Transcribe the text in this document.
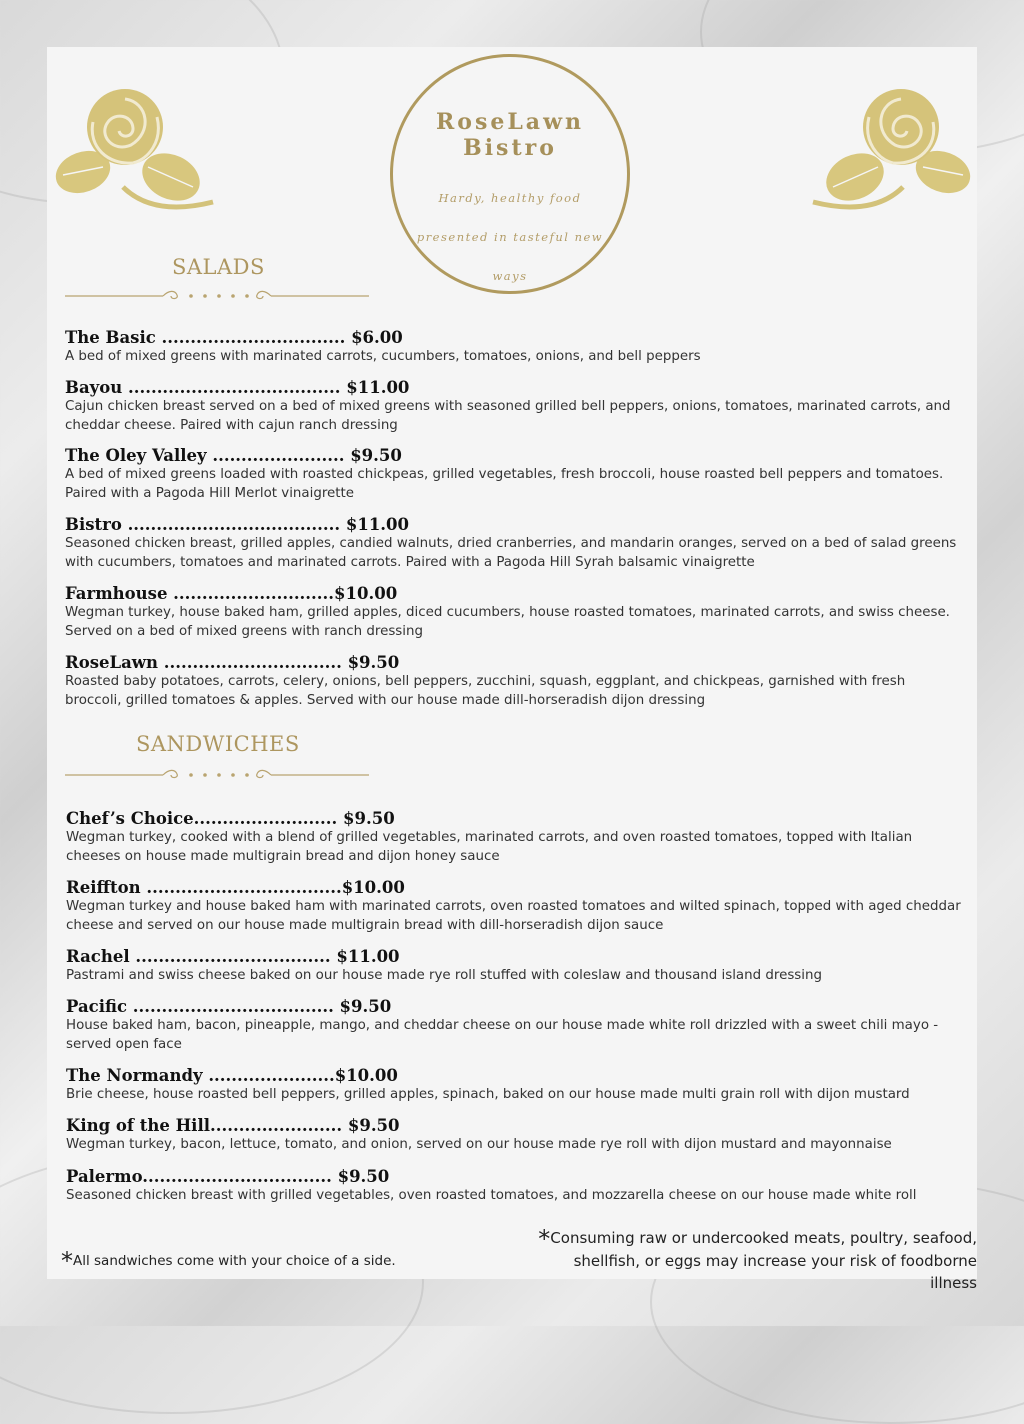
RoseLawn
Bistro
Hardy, healthy food presented in tasteful new ways
SALADS
The Basic ................................ $6.00
A bed of mixed greens with marinated carrots, cucumbers, tomatoes, onions, and bell peppers
Bayou ..................................... $11.00
Cajun chicken breast served on a bed of mixed greens with seasoned grilled bell peppers, onions, tomatoes, marinated carrots, and cheddar cheese. Paired with cajun ranch dressing
The Oley Valley ....................... $9.50
A bed of mixed greens loaded with roasted chickpeas, grilled vegetables, fresh broccoli, house roasted bell peppers and tomatoes. Paired with a Pagoda Hill Merlot vinaigrette
Bistro ..................................... $11.00
Seasoned chicken breast, grilled apples, candied walnuts, dried cranberries, and mandarin oranges, served on a bed of salad greens with cucumbers, tomatoes and marinated carrots. Paired with a Pagoda Hill Syrah balsamic vinaigrette
Farmhouse ............................$10.00
Wegman turkey, house baked ham, grilled apples, diced cucumbers, house roasted tomatoes, marinated carrots, and swiss cheese. Served on a bed of mixed greens with ranch dressing
RoseLawn ............................... $9.50
Roasted baby potatoes, carrots, celery, onions, bell peppers, zucchini, squash, eggplant, and chickpeas, garnished with fresh broccoli, grilled tomatoes & apples. Served with our house made dill-horseradish dijon dressing
SANDWICHES
Chef’s Choice......................... $9.50
Wegman turkey, cooked with a blend of grilled vegetables, marinated carrots, and oven roasted tomatoes, topped with Italian cheeses on house made multigrain bread and dijon honey sauce
Reiffton ..................................$10.00
Wegman turkey and house baked ham with marinated carrots, oven roasted tomatoes and wilted spinach, topped with aged cheddar cheese and served on our house made multigrain bread with dill-horseradish dijon sauce
Rachel .................................. $11.00
Pastrami and swiss cheese baked on our house made rye roll stuffed with coleslaw and thousand island dressing
Pacific ................................... $9.50
House baked ham, bacon, pineapple, mango, and cheddar cheese on our house made white roll drizzled with a sweet chili mayo - served open face
The Normandy ......................$10.00
Brie cheese, house roasted bell peppers, grilled apples, spinach, baked on our house made multi grain roll with dijon mustard
King of the Hill....................... $9.50
Wegman turkey, bacon, lettuce, tomato, and onion, served on our house made rye roll with dijon mustard and mayonnaise
Palermo................................. $9.50
Seasoned chicken breast with grilled vegetables, oven roasted tomatoes, and mozzarella cheese on our house made white roll
*All sandwiches come with your choice of a side.
*Consuming raw or undercooked meats, poultry, seafood, shellfish, or eggs may increase your risk of foodborne illness
